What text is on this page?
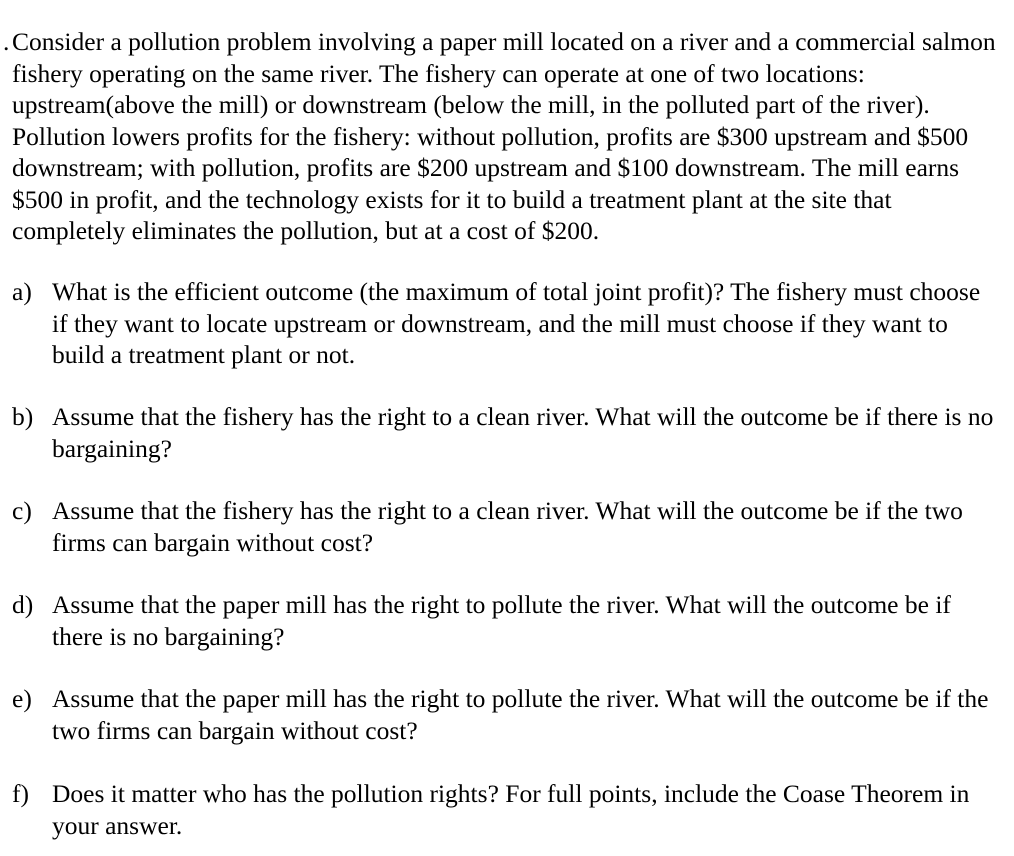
. Consider a pollution problem involving a paper mill located on a river and a commercial salmon fishery operating on the same river. The fishery can operate at one of two locations: upstream(above the mill) or downstream (below the mill, in the polluted part of the river). Pollution lowers profits for the fishery: without pollution, profits are $300 upstream and $500 downstream; with pollution, profits are $200 upstream and $100 downstream. The mill earns $500 in profit, and the technology exists for it to build a treatment plant at the site that completely eliminates the pollution, but at a cost of $200.

a) What is the efficient outcome (the maximum of total joint profit)? The fishery must choose if they want to locate upstream or downstream, and the mill must choose if they want to build a treatment plant or not.
b) Assume that the fishery has the right to a clean river. What will the outcome be if there is no bargaining?
c) Assume that the fishery has the right to a clean river. What will the outcome be if the two firms can bargain without cost?
d) Assume that the paper mill has the right to pollute the river. What will the outcome be if there is no bargaining?
e) Assume that the paper mill has the right to pollute the river. What will the outcome be if the two firms can bargain without cost?
f) Does it matter who has the pollution rights? For full points, include the Coase Theorem in your answer.
